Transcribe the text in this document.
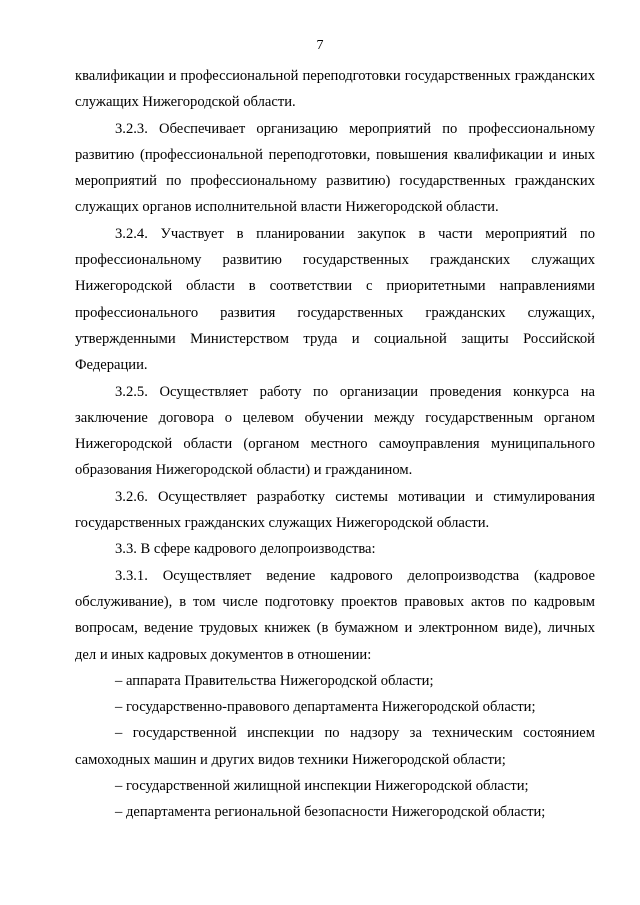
7

квалификации и профессиональной переподготовки государственных гражданских служащих Нижегородской области.

3.2.3. Обеспечивает организацию мероприятий по профессиональному развитию (профессиональной переподготовки, повышения квалификации и иных мероприятий по профессиональному развитию) государственных гражданских служащих органов исполнительной власти Нижегородской области.

3.2.4. Участвует в планировании закупок в части мероприятий по профессиональному развитию государственных гражданских служащих Нижегородской области в соответствии с приоритетными направлениями профессионального развития государственных гражданских служащих, утвержденными Министерством труда и социальной защиты Российской Федерации.

3.2.5. Осуществляет работу по организации проведения конкурса на заключение договора о целевом обучении между государственным органом Нижегородской области (органом местного самоуправления муниципального образования Нижегородской области) и гражданином.

3.2.6. Осуществляет разработку системы мотивации и стимулирования государственных гражданских служащих Нижегородской области.

3.3. В сфере кадрового делопроизводства:

3.3.1. Осуществляет ведение кадрового делопроизводства (кадровое обслуживание), в том числе подготовку проектов правовых актов по кадровым вопросам, ведение трудовых книжек (в бумажном и электронном виде), личных дел и иных кадровых документов в отношении:

– аппарата Правительства Нижегородской области;

– государственно-правового департамента Нижегородской области;

– государственной инспекции по надзору за техническим состоянием самоходных машин и других видов техники Нижегородской области;

– государственной жилищной инспекции Нижегородской области;

– департамента региональной безопасности Нижегородской области;
